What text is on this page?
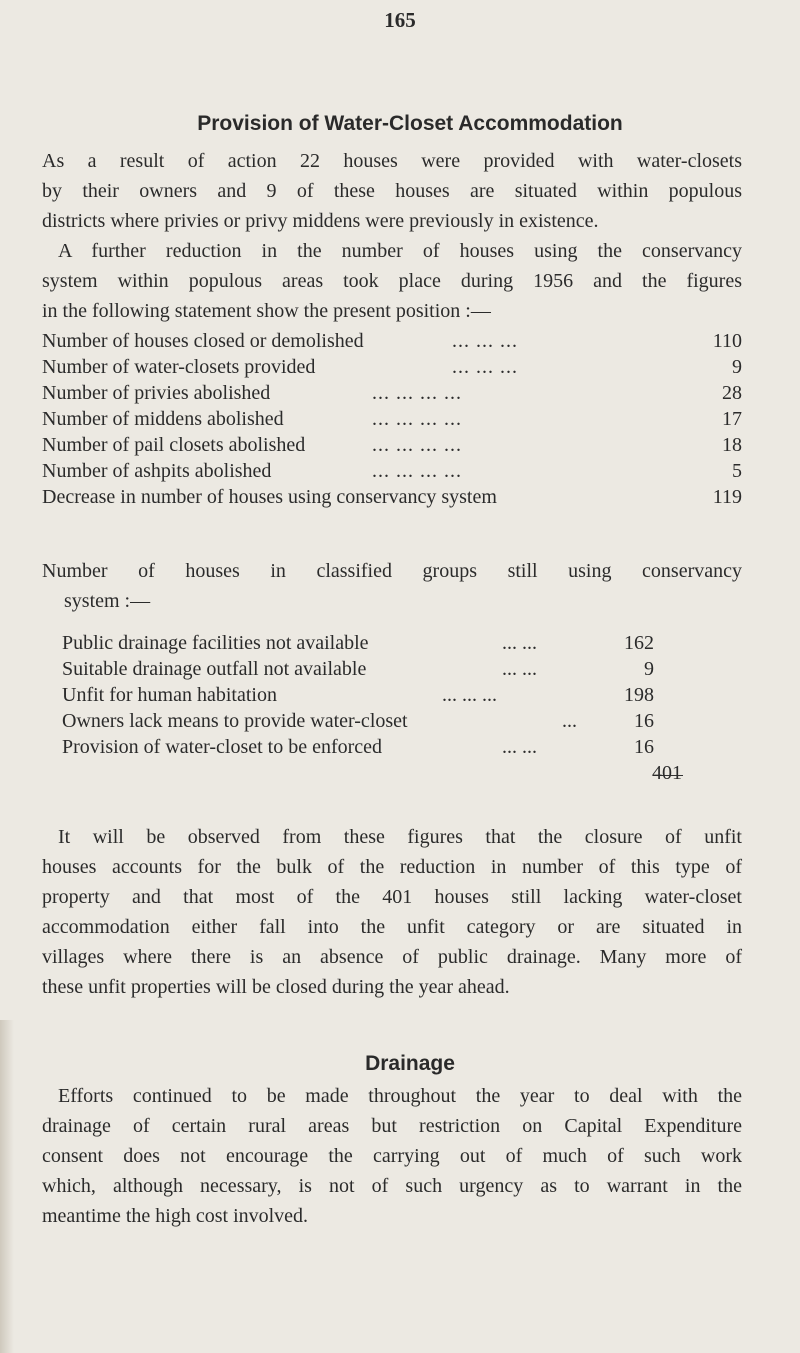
165
Provision of Water-Closet Accommodation
As a result of action 22 houses were provided with water-closets
by their owners and 9 of these houses are situated within populous
districts where privies or privy middens were previously in existence.
A further reduction in the number of houses using the conservancy
system within populous areas took place during 1956 and the figures
in the following statement show the present position :—
Number of houses closed or demolished	... ... ...	110
Number of water-closets provided	... ... ...	9
Number of privies abolished	... ... ... ...	28
Number of middens abolished	... ... ... ...	17
Number of pail closets abolished	... ... ... ...	18
Number of ashpits abolished	... ... ... ...	5
Decrease in number of houses using conservancy system	119
Number of houses in classified groups still using conservancy
system :—
Public drainage facilities not available	... ...	162
Suitable drainage outfall not available	... ...	9
Unfit for human habitation	... ... ...	198
Owners lack means to provide water-closet	...	16
Provision of water-closet to be enforced	... ...	16
401
It will be observed from these figures that the closure of unfit
houses accounts for the bulk of the reduction in number of this type of
property and that most of the 401 houses still lacking water-closet
accommodation either fall into the unfit category or are situated in
villages where there is an absence of public drainage. Many more of
these unfit properties will be closed during the year ahead.
Drainage
Efforts continued to be made throughout the year to deal with the
drainage of certain rural areas but restriction on Capital Expenditure
consent does not encourage the carrying out of much of such work
which, although necessary, is not of such urgency as to warrant in the
meantime the high cost involved.
